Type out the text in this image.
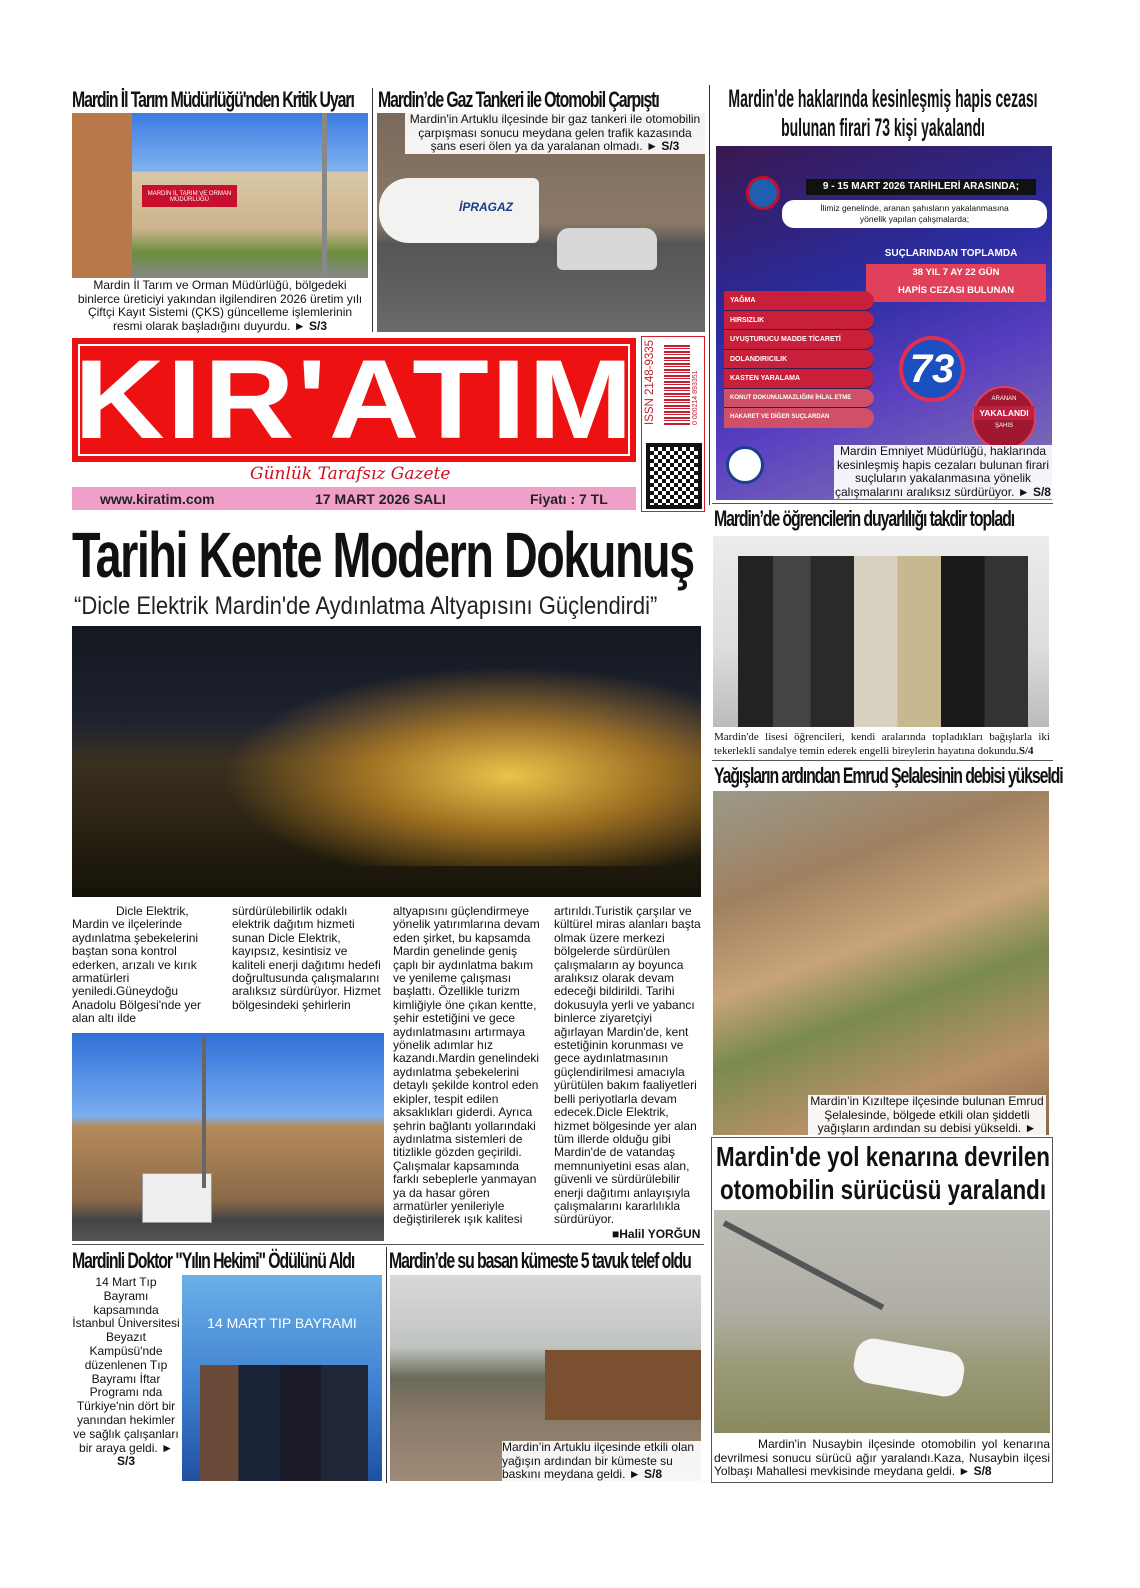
Mardin İl Tarım Müdürlüğü'nden Kritik Uyarı
MARDİN İL TARIM VE ORMAN MÜDÜRLÜĞÜ
Mardin İl Tarım ve Orman Müdürlüğü, bölgedeki binlerce üreticiyi yakından ilgilendiren 2026 üretim yılı Çiftçi Kayıt Sistemi (ÇKS) güncelleme işlemlerinin resmi olarak başladığını duyurdu. ► S/3
Mardin’de Gaz Tankeri ile Otomobil Çarpıştı
İPRAGAZ
Mardin'in Artuklu ilçesinde bir gaz tankeri ile otomobilin çarpışması sonucu meydana gelen trafik kazasında şans eseri ölen ya da yaralanan olmadı. ► S/3
Mardin'de haklarında kesinleşmiş hapis cezası bulunan firari 73 kişi yakalandı
9 - 15 MART 2026 TARİHLERİ ARASINDA;
İlimiz genelinde, aranan şahısların yakalanmasına yönelik yapılan çalışmalarda;
SUÇLARINDAN TOPLAMDA
38 YIL 7 AY 22 GÜN
HAPİS CEZASI BULUNAN
YAĞMA
HIRSIZLIK
UYUŞTURUCU MADDE TİCARETİ
DOLANDIRICILIK
KASTEN YARALAMA
KONUT DOKUNULMAZLIĞINI İHLAL ETME
HAKARET VE DİĞER SUÇLARDAN
73
ARANAN
YAKALANDI
ŞAHIS
Mardin Emniyet Müdürlüğü, haklarında kesinleşmiş hapis cezaları bulunan firari suçluların yakalanmasına yönelik çalışmalarını aralıksız sürdürüyor. ► S/8
KIR'ATIM
Günlük Tarafsız Gazete
www.kiratim.com	17 MART 2026 SALI	Fiyatı : 7 TL
ISSN 2148-9335	0 000214 893351
Tarihi Kente Modern Dokunuş
“Dicle Elektrik Mardin'de Aydınlatma Altyapısını Güçlendirdi”
Dicle Elektrik, Mardin ve ilçelerinde aydınlatma şebekelerini baştan sona kontrol ederken, arızalı ve kırık armatürleri yeniledi.Güneydoğu Anadolu Bölgesi'nde yer alan altı ilde
sürdürülebilirlik odaklı elektrik dağıtım hizmeti sunan Dicle Elektrik, kayıpsız, kesintisiz ve kaliteli enerji dağıtımı hedefi doğrultusunda çalışmalarını aralıksız sürdürüyor. Hizmet bölgesindeki şehirlerin
altyapısını güçlendirmeye yönelik yatırımlarına devam eden şirket, bu kapsamda Mardin genelinde geniş çaplı bir aydınlatma bakım ve yenileme çalışması başlattı. Özellikle turizm kimliğiyle öne çıkan kentte, şehir estetiğini ve gece aydınlatmasını artırmaya yönelik adımlar hız kazandı.Mardin genelindeki aydınlatma şebekelerini detaylı şekilde kontrol eden ekipler, tespit edilen aksaklıkları giderdi. Ayrıca şehrin bağlantı yollarındaki aydınlatma sistemleri de titizlikle gözden geçirildi. Çalışmalar kapsamında farklı sebeplerle yanmayan ya da hasar gören armatürler yenileriyle değiştirilerek ışık kalitesi
artırıldı.Turistik çarşılar ve kültürel miras alanları başta olmak üzere merkezi bölgelerde sürdürülen çalışmaların ay boyunca aralıksız olarak devam edeceği bildirildi. Tarihi dokusuyla yerli ve yabancı binlerce ziyaretçiyi ağırlayan Mardin'de, kent estetiğinin korunması ve gece aydınlatmasının güçlendirilmesi amacıyla yürütülen bakım faaliyetleri belli periyotlarla devam edecek.Dicle Elektrik, hizmet bölgesinde yer alan tüm illerde olduğu gibi Mardin'de de vatandaş memnuniyetini esas alan, güvenli ve sürdürülebilir enerji dağıtımı anlayışıyla çalışmalarını kararlılıkla sürdürüyor.
■Halil YORĞUN
Mardin’de öğrencilerin duyarlılığı takdir topladı
Mardin'de lisesi öğrencileri, kendi aralarında topladıkları bağışlarla iki tekerlekli sandalye temin ederek engelli bireylerin hayatına dokundu.S/4
Yağışların ardından Emrud Şelalesinin debisi yükseldi
Mardin’in Kızıltepe ilçesinde bulunan Emrud Şelalesinde, bölgede etkili olan şiddetli yağışların ardından su debisi yükseldi. ►
Mardin'de yol kenarına devrilen otomobilin sürücüsü yaralandı
Mardin'in Nusaybin ilçesinde otomobilin yol kenarına devrilmesi sonucu sürücü ağır yaralandı.Kaza, Nusaybin ilçesi Yolbaşı Mahallesi mevkisinde meydana geldi. ► S/8
Mardinli Doktor "Yılın Hekimi" Ödülünü Aldı
14 Mart Tıp Bayramı kapsamında İstanbul Üniversitesi Beyazıt Kampüsü'nde düzenlenen Tıp Bayramı İftar Programı nda Türkiye'nin dört bir yanından hekimler ve sağlık çalışanları bir araya geldi. ► S/3
14 MART TIP BAYRAMI
Mardin’de su basan kümeste 5 tavuk telef oldu
Mardin’in Artuklu ilçesinde etkili olan yağışın ardından bir kümeste su baskını meydana geldi. ► S/8
